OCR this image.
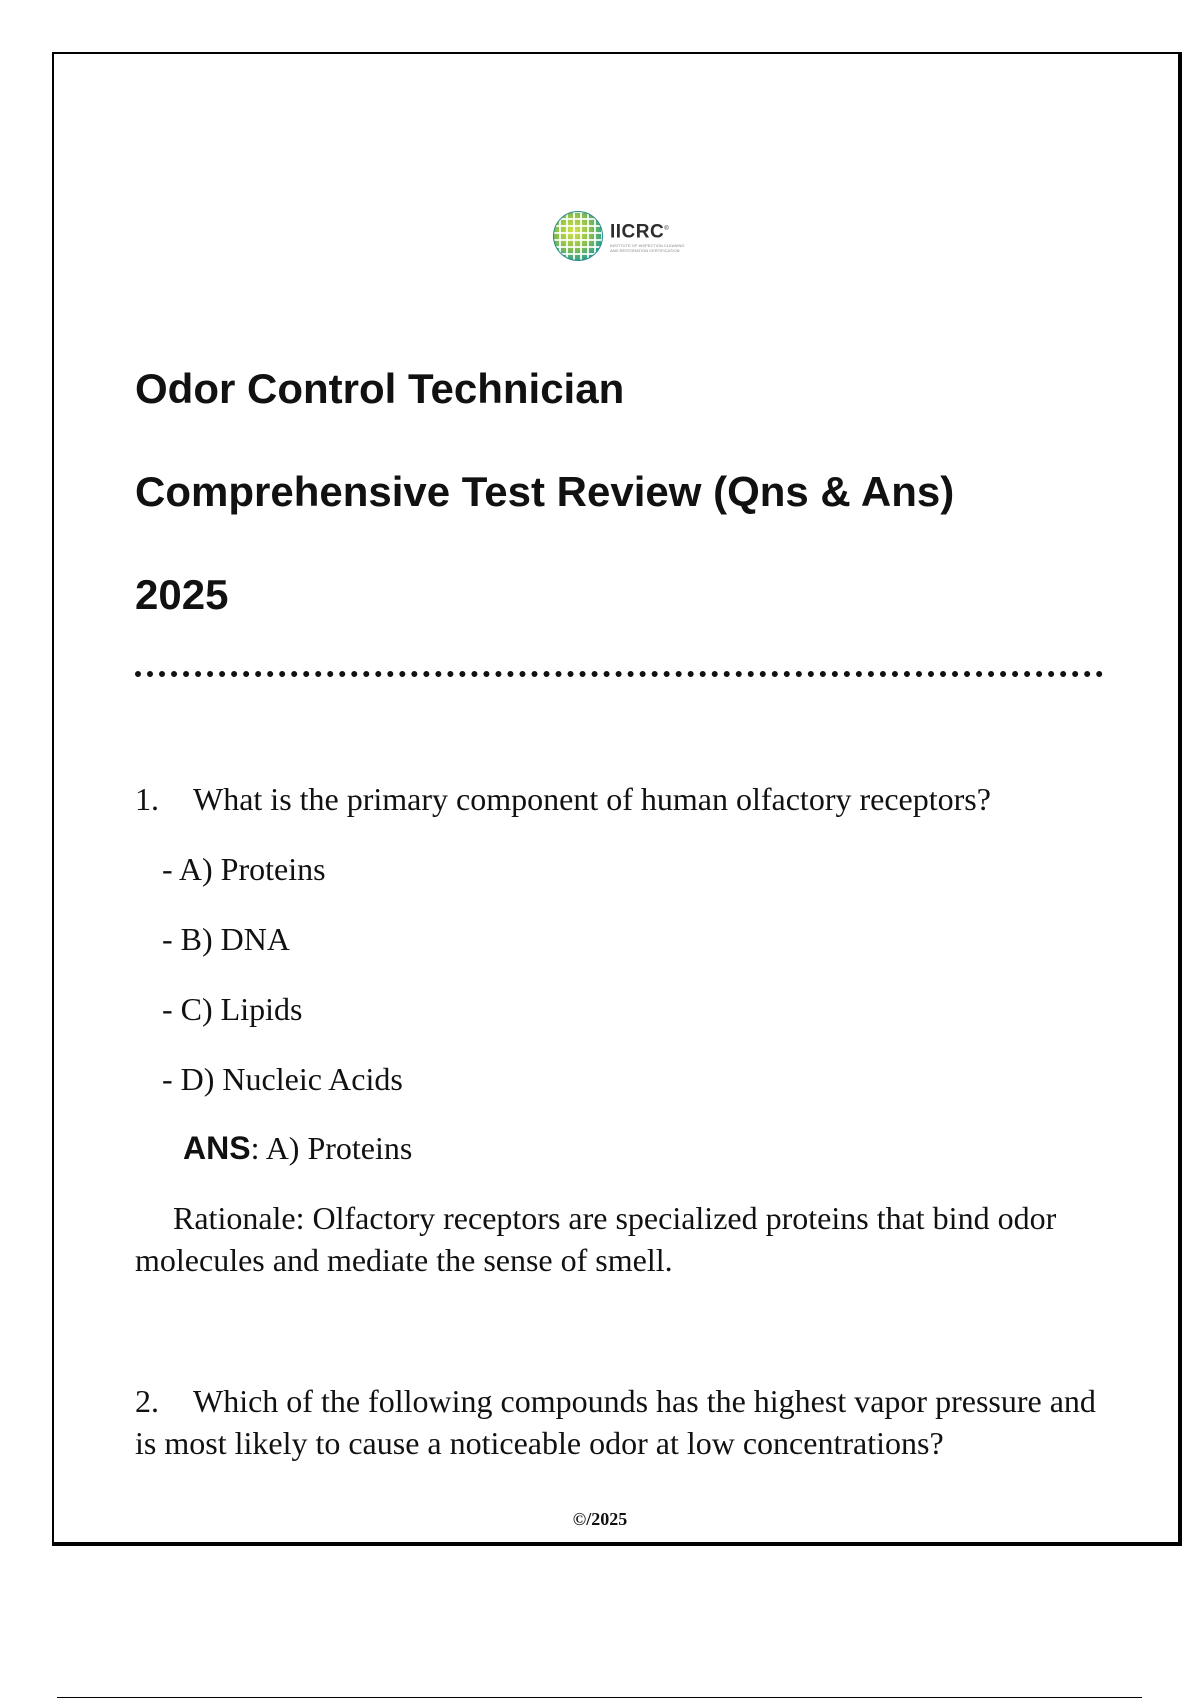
IICRC®
INSTITUTE OF INSPECTION CLEANING AND RESTORATION CERTIFICATION
Odor Control Technician
Comprehensive Test Review (Qns & Ans)
2025
1. What is the primary component of human olfactory receptors?
- A) Proteins
- B) DNA
- C) Lipids
- D) Nucleic Acids
ANS: A) Proteins
Rationale: Olfactory receptors are specialized proteins that bind odor molecules and mediate the sense of smell.
2. Which of the following compounds has the highest vapor pressure and is most likely to cause a noticeable odor at low concentrations?
©/2025
